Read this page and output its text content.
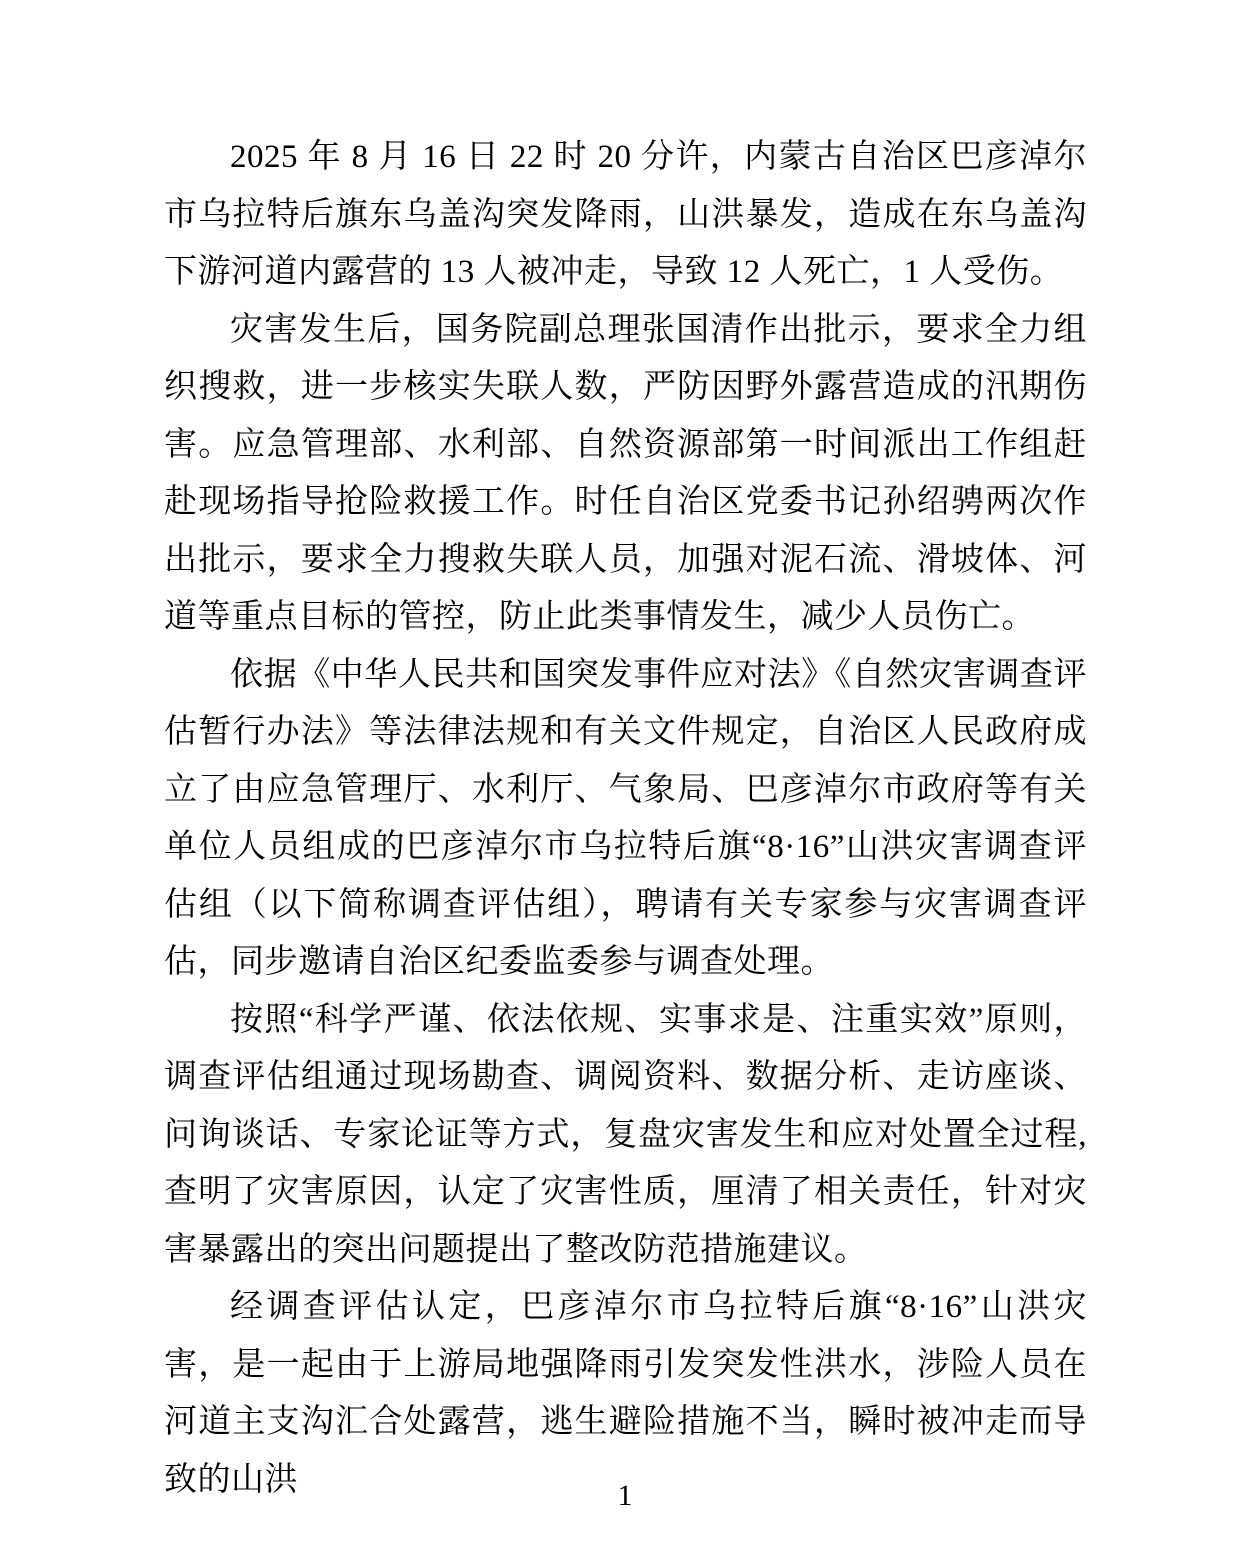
2025 年 8 月 16 日 22 时 20 分许，内蒙古自治区巴彦淖尔市乌拉特后旗东乌盖沟突发降雨，山洪暴发，造成在东乌盖沟下游河道内露营的 13 人被冲走，导致 12 人死亡，1 人受伤。

灾害发生后，国务院副总理张国清作出批示，要求全力组织搜救，进一步核实失联人数，严防因野外露营造成的汛期伤害。应急管理部、水利部、自然资源部第一时间派出工作组赶赴现场指导抢险救援工作。时任自治区党委书记孙绍骋两次作出批示，要求全力搜救失联人员，加强对泥石流、滑坡体、河道等重点目标的管控，防止此类事情发生，减少人员伤亡。

依据《中华人民共和国突发事件应对法》《自然灾害调查评估暂行办法》等法律法规和有关文件规定，自治区人民政府成立了由应急管理厅、水利厅、气象局、巴彦淖尔市政府等有关单位人员组成的巴彦淖尔市乌拉特后旗“8·16”山洪灾害调查评估组（以下简称调查评估组），聘请有关专家参与灾害调查评估，同步邀请自治区纪委监委参与调查处理。

按照“科学严谨、依法依规、实事求是、注重实效”原则，调查评估组通过现场勘查、调阅资料、数据分析、走访座谈、问询谈话、专家论证等方式，复盘灾害发生和应对处置全过程,查明了灾害原因，认定了灾害性质，厘清了相关责任，针对灾害暴露出的突出问题提出了整改防范措施建议。

经调查评估认定，巴彦淖尔市乌拉特后旗“8·16”山洪灾害，是一起由于上游局地强降雨引发突发性洪水，涉险人员在河道主支沟汇合处露营，逃生避险措施不当，瞬时被冲走而导致的山洪	1
